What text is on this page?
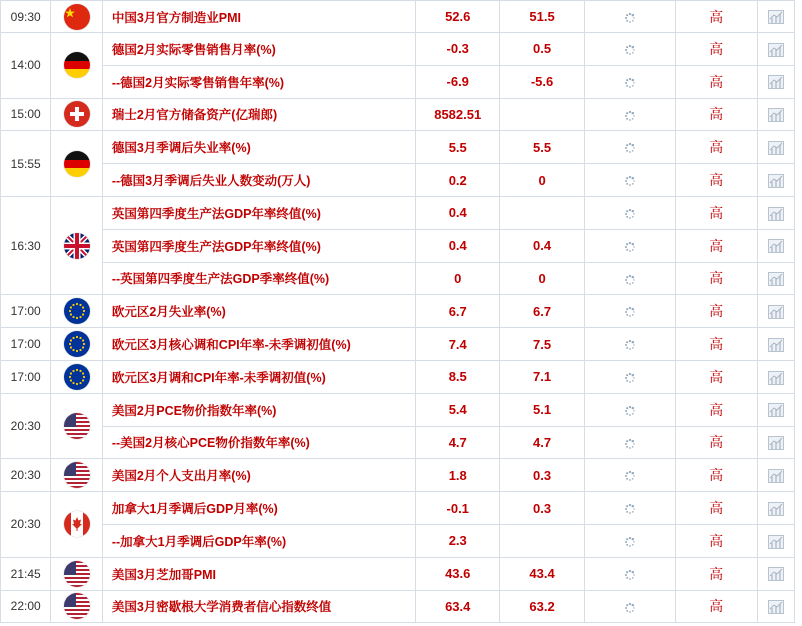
09:30		中国3月官方制造业PMI	52.6	51.5		高	
14:00		德国2月实际零售销售月率(%)	-0.3	0.5		高	
		--德国2月实际零售销售年率(%)	-6.9	-5.6		高	
15:00		瑞士2月官方储备资产(亿瑞郎)	8582.51			高	
15:55		德国3月季调后失业率(%)	5.5	5.5		高	
		--德国3月季调后失业人数变动(万人)	0.2	0		高	
16:30		英国第四季度生产法GDP年率终值(%)	0.4			高	
		英国第四季度生产法GDP年率终值(%)	0.4	0.4		高	
		--英国第四季度生产法GDP季率终值(%)	0	0		高	
17:00		欧元区2月失业率(%)	6.7	6.7		高	
17:00		欧元区3月核心调和CPI年率-未季调初值(%)	7.4	7.5		高	
17:00		欧元区3月调和CPI年率-未季调初值(%)	8.5	7.1		高	
20:30		美国2月PCE物价指数年率(%)	5.4	5.1		高	
		--美国2月核心PCE物价指数年率(%)	4.7	4.7		高	
20:30		美国2月个人支出月率(%)	1.8	0.3		高	
20:30		加拿大1月季调后GDP月率(%)	-0.1	0.3		高	
		--加拿大1月季调后GDP年率(%)	2.3			高	
21:45		美国3月芝加哥PMI	43.6	43.4		高	
22:00		美国3月密歇根大学消费者信心指数终值	63.4	63.2		高	
